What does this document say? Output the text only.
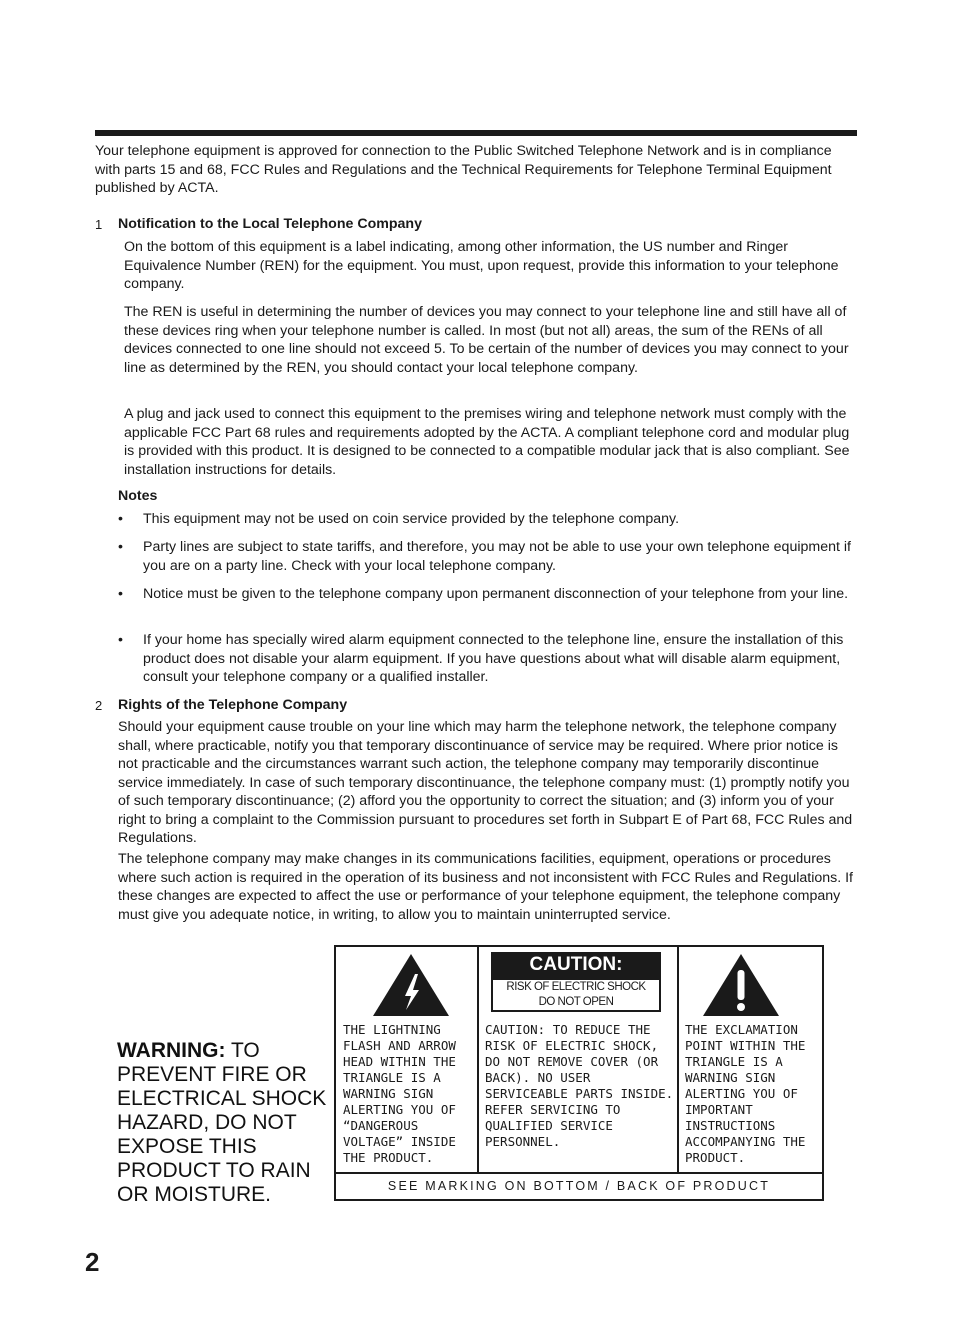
Your telephone equipment is approved for connection to the Public Switched Telephone Network and is in compliance with parts 15 and 68, FCC Rules and Regulations and the Technical Requirements for Telephone Terminal Equipment published by ACTA.
1 Notification to the Local Telephone Company
On the bottom of this equipment is a label indicating, among other information, the US number and Ringer Equivalence Number (REN) for the equipment. You must, upon request, provide this information to your telephone company.
The REN is useful in determining the number of devices you may connect to your telephone line and still have all of these devices ring when your telephone number is called. In most (but not all) areas, the sum of the RENs of all devices connected to one line should not exceed 5. To be certain of the number of devices you may connect to your line as determined by the REN, you should contact your local telephone company.
A plug and jack used to connect this equipment to the premises wiring and telephone network must comply with the applicable FCC Part 68 rules and requirements adopted by the ACTA. A compliant telephone cord and modular plug is provided with this product. It is designed to be connected to a compatible modular jack that is also compliant. See installation instructions for details.
Notes
• This equipment may not be used on coin service provided by the telephone company.
• Party lines are subject to state tariffs, and therefore, you may not be able to use your own telephone equipment if you are on a party line. Check with your local telephone company.
• Notice must be given to the telephone company upon permanent disconnection of your telephone from your line.
• If your home has specially wired alarm equipment connected to the telephone line, ensure the installation of this product does not disable your alarm equipment. If you have questions about what will disable alarm equipment, consult your telephone company or a qualified installer.
2 Rights of the Telephone Company
Should your equipment cause trouble on your line which may harm the telephone network, the telephone company shall, where practicable, notify you that temporary discontinuance of service may be required. Where prior notice is not practicable and the circumstances warrant such action, the telephone company may temporarily discontinue service immediately. In case of such temporary discontinuance, the telephone company must: (1) promptly notify you of such temporary discontinuance; (2) afford you the opportunity to correct the situation; and (3) inform you of your right to bring a complaint to the Commission pursuant to procedures set forth in Subpart E of Part 68, FCC Rules and Regulations.
The telephone company may make changes in its communications facilities, equipment, operations or procedures where such action is required in the operation of its business and not inconsistent with FCC Rules and Regulations. If these changes are expected to affect the use or performance of your telephone equipment, the telephone company must give you adequate notice, in writing, to allow you to maintain uninterrupted service.
WARNING: TO PREVENT FIRE OR ELECTRICAL SHOCK HAZARD, DO NOT EXPOSE THIS PRODUCT TO RAIN OR MOISTURE.
THE LIGHTNING FLASH AND ARROW HEAD WITHIN THE TRIANGLE IS A WARNING SIGN ALERTING YOU OF “DANGEROUS VOLTAGE” INSIDE THE PRODUCT.
CAUTION:
RISK OF ELECTRIC SHOCK
DO NOT OPEN
CAUTION: TO REDUCE THE RISK OF ELECTRIC SHOCK, DO NOT REMOVE COVER (OR BACK). NO USER SERVICEABLE PARTS INSIDE. REFER SERVICING TO QUALIFIED SERVICE PERSONNEL.
THE EXCLAMATION POINT WITHIN THE TRIANGLE IS A WARNING SIGN ALERTING YOU OF IMPORTANT INSTRUCTIONS ACCOMPANYING THE PRODUCT.
SEE MARKING ON BOTTOM / BACK OF PRODUCT
2
